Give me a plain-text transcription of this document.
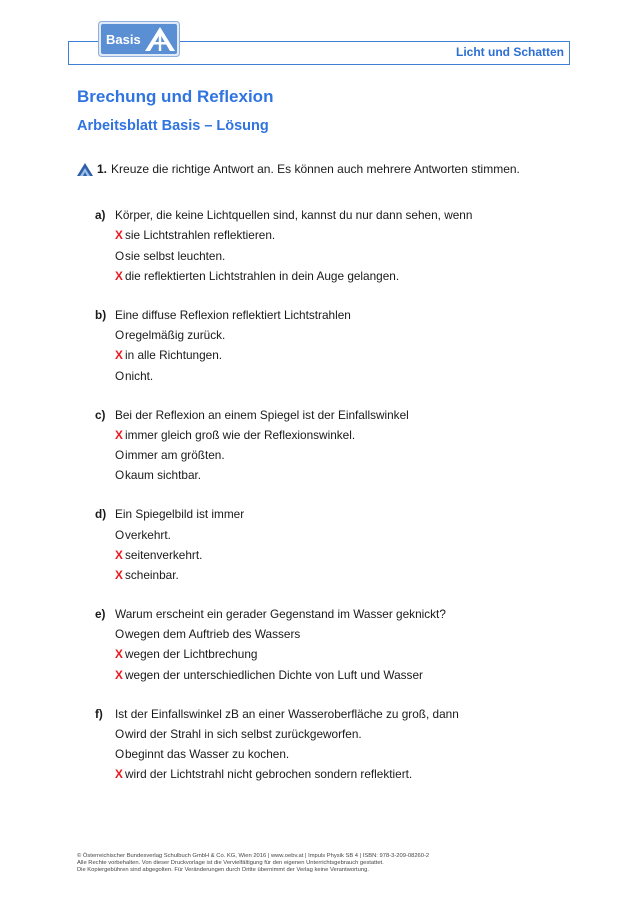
Basis
Licht und Schatten
Brechung und Reflexion
Arbeitsblatt Basis – Lösung
1. Kreuze die richtige Antwort an. Es können auch mehrere Antworten stimmen.
a) Körper, die keine Lichtquellen sind, kannst du nur dann sehen, wenn
X sie Lichtstrahlen reflektieren.
O sie selbst leuchten.
X die reflektierten Lichtstrahlen in dein Auge gelangen.
b) Eine diffuse Reflexion reflektiert Lichtstrahlen
O regelmäßig zurück.
X in alle Richtungen.
O nicht.
c) Bei der Reflexion an einem Spiegel ist der Einfallswinkel
X immer gleich groß wie der Reflexionswinkel.
O immer am größten.
O kaum sichtbar.
d) Ein Spiegelbild ist immer
O verkehrt.
X seitenverkehrt.
X scheinbar.
e) Warum erscheint ein gerader Gegenstand im Wasser geknickt?
O wegen dem Auftrieb des Wassers
X wegen der Lichtbrechung
X wegen der unterschiedlichen Dichte von Luft und Wasser
f)	Ist der Einfallswinkel zB an einer Wasseroberfläche zu groß, dann
O wird der Strahl in sich selbst zurückgeworfen.
O beginnt das Wasser zu kochen.
X wird der Lichtstrahl nicht gebrochen sondern reflektiert.
© Österreichischer Bundesverlag Schulbuch GmbH & Co. KG, Wien 2016 | www.oebv.at | Impuls Physik SB 4 | ISBN: 978-3-209-08260-2
Alle Rechte vorbehalten. Von dieser Druckvorlage ist die Vervielfältigung für den eigenen Unterrichtsgebrauch gestattet.
Die Kopiergebühren sind abgegolten. Für Veränderungen durch Dritte übernimmt der Verlag keine Verantwortung.
